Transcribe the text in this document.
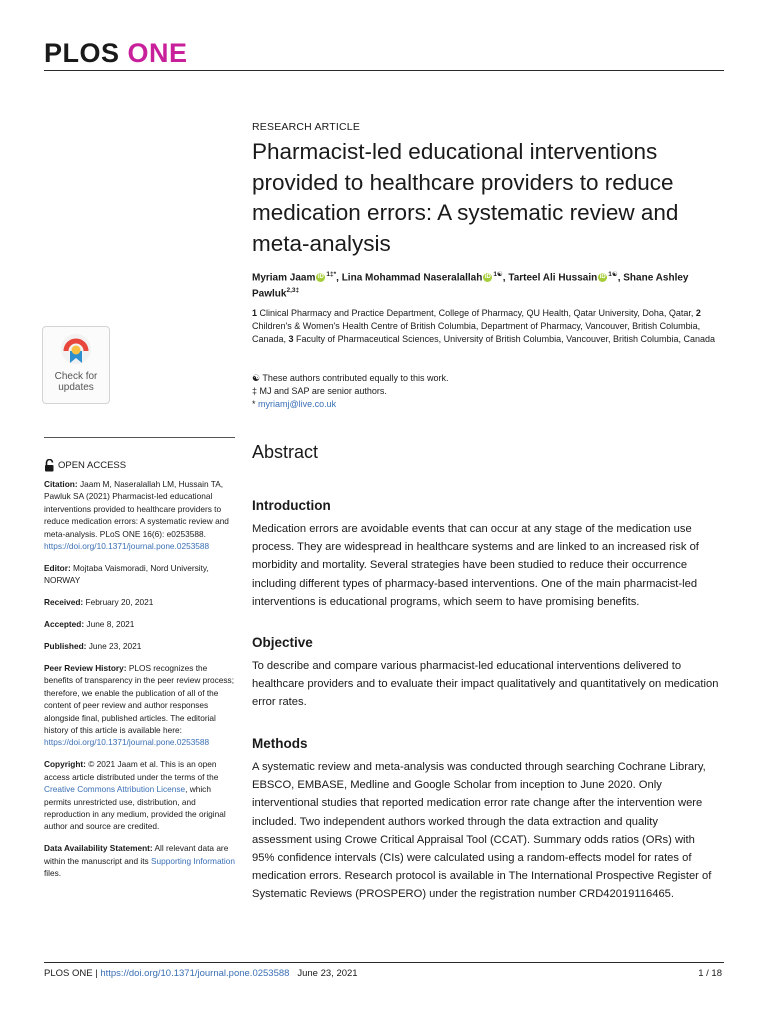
PLOS ONE
RESEARCH ARTICLE
Pharmacist-led educational interventions provided to healthcare providers to reduce medication errors: A systematic review and meta-analysis
Myriam Jaam iD $^{1\ddagger*}$, Lina Mohammad Naseralallah iD $^{1☯}$, Tarteel Ali Hussain iD $^{1☯}$, Shane Ashley Pawluk$^{2,3\ddagger}$
1 Clinical Pharmacy and Practice Department, College of Pharmacy, QU Health, Qatar University, Doha, Qatar, 2 Children's & Women's Health Centre of British Columbia, Department of Pharmacy, Vancouver, British Columbia, Canada, 3 Faculty of Pharmaceutical Sciences, University of British Columbia, Vancouver, British Columbia, Canada
☯ These authors contributed equally to this work.
‡ MJ and SAP are senior authors.
* myriamj@live.co.uk
Check for
updates
OPEN ACCESS

Citation: Jaam M, Naseralallah LM, Hussain TA, Pawluk SA (2021) Pharmacist-led educational interventions provided to healthcare providers to reduce medication errors: A systematic review and meta-analysis. PLoS ONE 16(6): e0253588. https://doi.org/10.1371/journal.pone.0253588

Editor: Mojtaba Vaismoradi, Nord University, NORWAY

Received: February 20, 2021

Accepted: June 8, 2021

Published: June 23, 2021

Peer Review History: PLOS recognizes the benefits of transparency in the peer review process; therefore, we enable the publication of all of the content of peer review and author responses alongside final, published articles. The editorial history of this article is available here: https://doi.org/10.1371/journal.pone.0253588

Copyright: © 2021 Jaam et al. This is an open access article distributed under the terms of the Creative Commons Attribution License, which permits unrestricted use, distribution, and reproduction in any medium, provided the original author and source are credited.

Data Availability Statement: All relevant data are within the manuscript and its Supporting Information files.

Abstract
Introduction

Medication errors are avoidable events that can occur at any stage of the medication use process. They are widespread in healthcare systems and are linked to an increased risk of morbidity and mortality. Several strategies have been studied to reduce their occurrence including different types of pharmacy-based interventions. One of the main pharmacist-led interventions is educational programs, which seem to have promising benefits.

Objective

To describe and compare various pharmacist-led educational interventions delivered to healthcare providers and to evaluate their impact qualitatively and quantitatively on medication error rates.

Methods

A systematic review and meta-analysis was conducted through searching Cochrane Library, EBSCO, EMBASE, Medline and Google Scholar from inception to June 2020. Only interventional studies that reported medication error rate change after the intervention were included. Two independent authors worked through the data extraction and quality assessment using Crowe Critical Appraisal Tool (CCAT). Summary odds ratios (ORs) with 95% confidence intervals (CIs) were calculated using a random-effects model for rates of medication errors. Research protocol is available in The International Prospective Register of Systematic Reviews (PROSPERO) under the registration number CRD42019116465.

PLOS ONE | https://doi.org/10.1371/journal.pone.0253588 June 23, 2021	1 / 18
